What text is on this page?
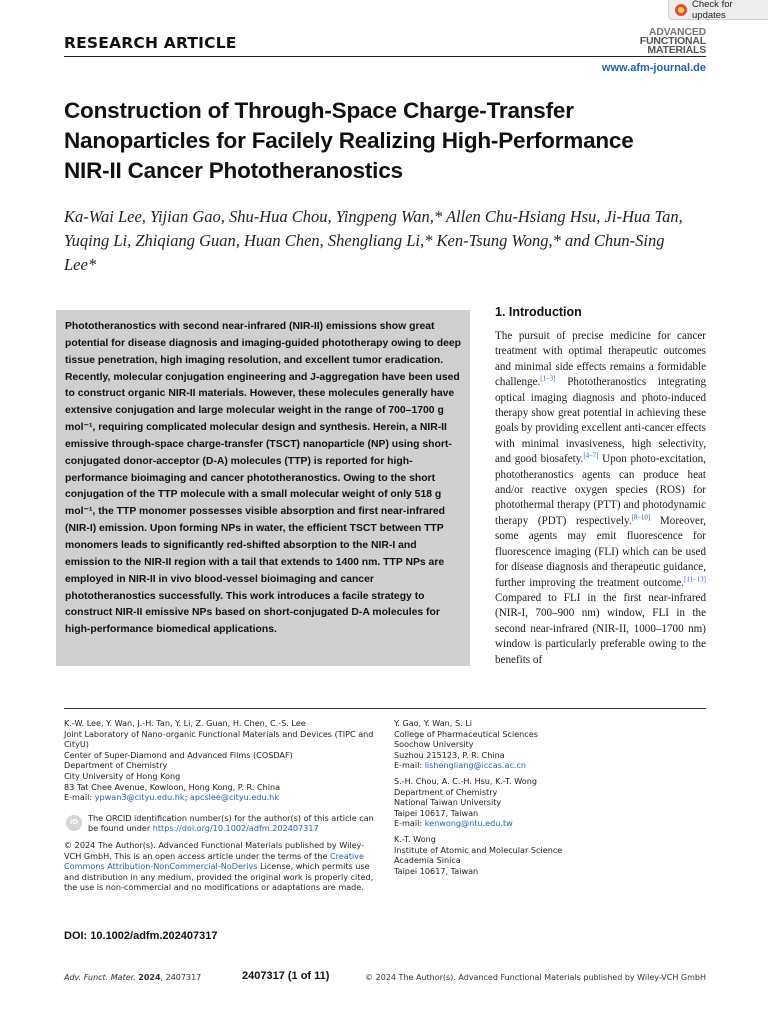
Check for updates
RESEARCH ARTICLE
ADVANCED
FUNCTIONAL
MATERIALS
www.afm-journal.de
Construction of Through-Space Charge-Transfer Nanoparticles for Facilely Realizing High-Performance NIR-II Cancer Phototheranostics
Ka-Wai Lee, Yijian Gao, Shu-Hua Chou, Yingpeng Wan,* Allen Chu-Hsiang Hsu, Ji-Hua Tan, Yuqing Li, Zhiqiang Guan, Huan Chen, Shengliang Li,* Ken-Tsung Wong,* and Chun-Sing Lee*
Phototheranostics with second near-infrared (NIR-II) emissions show great potential for disease diagnosis and imaging-guided phototherapy owing to deep tissue penetration, high imaging resolution, and excellent tumor eradication. Recently, molecular conjugation engineering and J-aggregation have been used to construct organic NIR-II materials. However, these molecules generally have extensive conjugation and large molecular weight in the range of 700–1700 g mol⁻¹, requiring complicated molecular design and synthesis. Herein, a NIR-II emissive through-space charge-transfer (TSCT) nanoparticle (NP) using short-conjugated donor-acceptor (D-A) molecules (TTP) is reported for high-performance bioimaging and cancer phototheranostics. Owing to the short conjugation of the TTP molecule with a small molecular weight of only 518 g mol⁻¹, the TTP monomer possesses visible absorption and first near-infrared (NIR-I) emission. Upon forming NPs in water, the efficient TSCT between TTP monomers leads to significantly red-shifted absorption to the NIR-I and emission to the NIR-II region with a tail that extends to 1400 nm. TTP NPs are employed in NIR-II in vivo blood-vessel bioimaging and cancer phototheranostics successfully. This work introduces a facile strategy to construct NIR-II emissive NPs based on short-conjugated D-A molecules for high-performance biomedical applications.
1. Introduction

The pursuit of precise medicine for cancer treatment with optimal therapeutic outcomes and minimal side effects remains a formidable challenge.[1–3] Phototheranostics integrating optical imaging diagnosis and photo-induced therapy show great potential in achieving these goals by providing excellent anti-cancer effects with minimal invasiveness, high selectivity, and good biosafety.[4–7] Upon photo-excitation, phototheranostics agents can produce heat and/or reactive oxygen species (ROS) for photothermal therapy (PTT) and photodynamic therapy (PDT) respectively.[8–10] Moreover, some agents may emit fluorescence for fluorescence imaging (FLI) which can be used for disease diagnosis and therapeutic guidance, further improving the treatment outcome.[11–13] Compared to FLI in the first near-infrared (NIR-I, 700–900 nm) window, FLI in the second near-infrared (NIR-II, 1000–1700 nm) window is particularly preferable owing to the benefits of

K.-W. Lee, Y. Wan, J.-H. Tan, Y. Li, Z. Guan, H. Chen, C.-S. Lee
Joint Laboratory of Nano-organic Functional Materials and Devices (TIPC and CityU)
Center of Super-Diamond and Advanced Films (COSDAF)
Department of Chemistry
City University of Hong Kong
83 Tat Chee Avenue, Kowloon, Hong Kong, P. R. China
E-mail: ypwan3@cityu.edu.hk; apcslee@cityu.edu.hk
iD	The ORCID identification number(s) for the author(s) of this article can be found under https://doi.org/10.1002/adfm.202407317
© 2024 The Author(s). Advanced Functional Materials published by Wiley-VCH GmbH. This is an open access article under the terms of the Creative Commons Attribution-NonCommercial-NoDerivs License, which permits use and distribution in any medium, provided the original work is properly cited, the use is non-commercial and no modifications or adaptations are made.
Y. Gao, Y. Wan, S. Li
College of Pharmaceutical Sciences
Soochow University
Suzhou 215123, P. R. China
E-mail: lishengliang@iccas.ac.cn
S.-H. Chou, A. C.-H. Hsu, K.-T. Wong
Department of Chemistry
National Taiwan University
Taipei 10617, Taiwan
E-mail: kenwong@ntu.edu.tw
K.-T. Wong
Institute of Atomic and Molecular Science
Academia Sinica
Taipei 10617, Taiwan
DOI: 10.1002/adfm.202407317
Adv. Funct. Mater. 2024, 2407317	2407317 (1 of 11)	© 2024 The Author(s). Advanced Functional Materials published by Wiley-VCH GmbH
